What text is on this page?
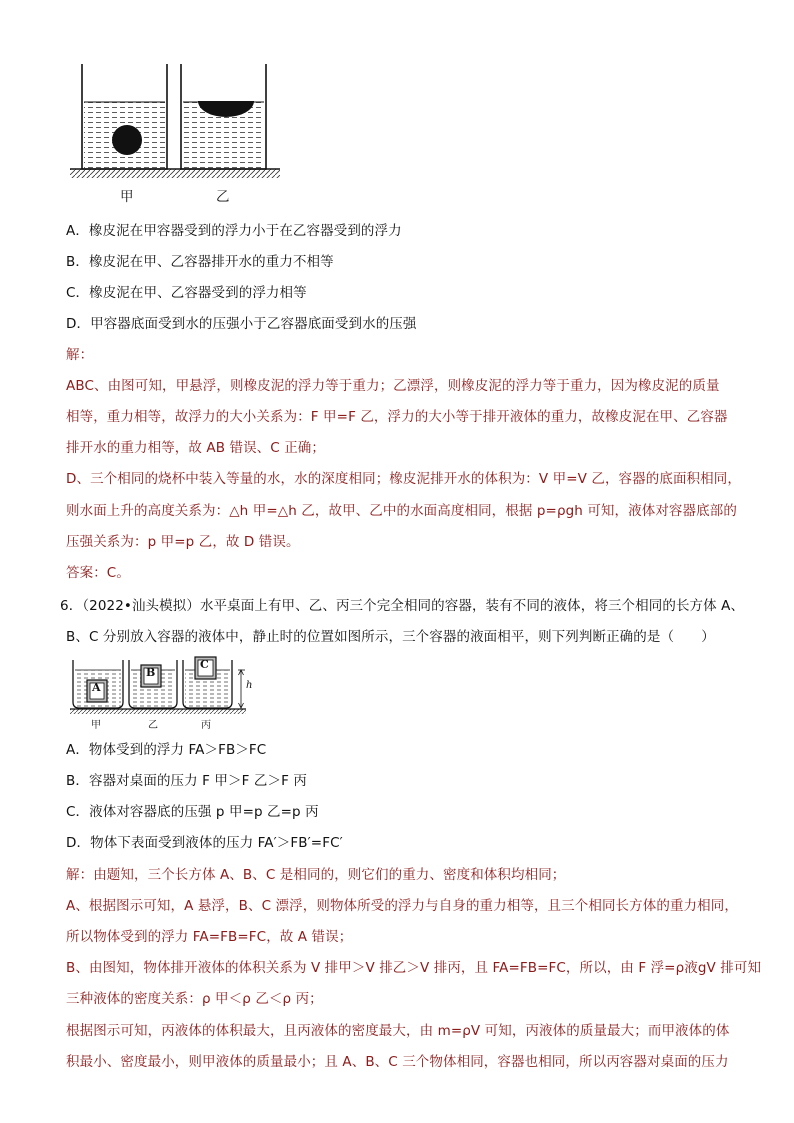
甲	乙
A．橡皮泥在甲容器受到的浮力小于在乙容器受到的浮力
B．橡皮泥在甲、乙容器排开水的重力不相等
C．橡皮泥在甲、乙容器受到的浮力相等
D．甲容器底面受到水的压强小于乙容器底面受到水的压强
解：
ABC、由图可知，甲悬浮，则橡皮泥的浮力等于重力；乙漂浮，则橡皮泥的浮力等于重力，因为橡皮泥的质量
相等，重力相等，故浮力的大小关系为：F 甲=F 乙，浮力的大小等于排开液体的重力，故橡皮泥在甲、乙容器
排开水的重力相等，故 AB 错误、C 正确；
D、三个相同的烧杯中装入等量的水，水的深度相同；橡皮泥排开水的体积为：V 甲=V 乙，容器的底面积相同，
则水面上升的高度关系为：△h 甲=△h 乙，故甲、乙中的水面高度相同，根据 p=ρgh 可知，液体对容器底部的
压强关系为：p 甲=p 乙，故 D 错误。
答案：C。
6．（2022•汕头模拟）水平桌面上有甲、乙、丙三个完全相同的容器，装有不同的液体，将三个相同的长方体 A、
B、C 分别放入容器的液体中，静止时的位置如图所示，三个容器的液面相平，则下列判断正确的是（　　）
A
B
C
h
甲	乙	丙
A．物体受到的浮力 FA＞FB＞FC
B．容器对桌面的压力 F 甲＞F 乙＞F 丙
C．液体对容器底的压强 p 甲=p 乙=p 丙
D．物体下表面受到液体的压力 FA′＞FB′=FC′
解：由题知，三个长方体 A、B、C 是相同的，则它们的重力、密度和体积均相同；
A、根据图示可知，A 悬浮，B、C 漂浮，则物体所受的浮力与自身的重力相等，且三个相同长方体的重力相同，
所以物体受到的浮力 FA=FB=FC，故 A 错误；
B、由图知，物体排开液体的体积关系为 V 排甲＞V 排乙＞V 排丙，且 FA=FB=FC，所以，由 F 浮=ρ液gV 排可知
三种液体的密度关系：ρ 甲＜ρ 乙＜ρ 丙；
根据图示可知，丙液体的体积最大，且丙液体的密度最大，由 m=ρV 可知，丙液体的质量最大；而甲液体的体
积最小、密度最小，则甲液体的质量最小；且 A、B、C 三个物体相同，容器也相同，所以丙容器对桌面的压力
